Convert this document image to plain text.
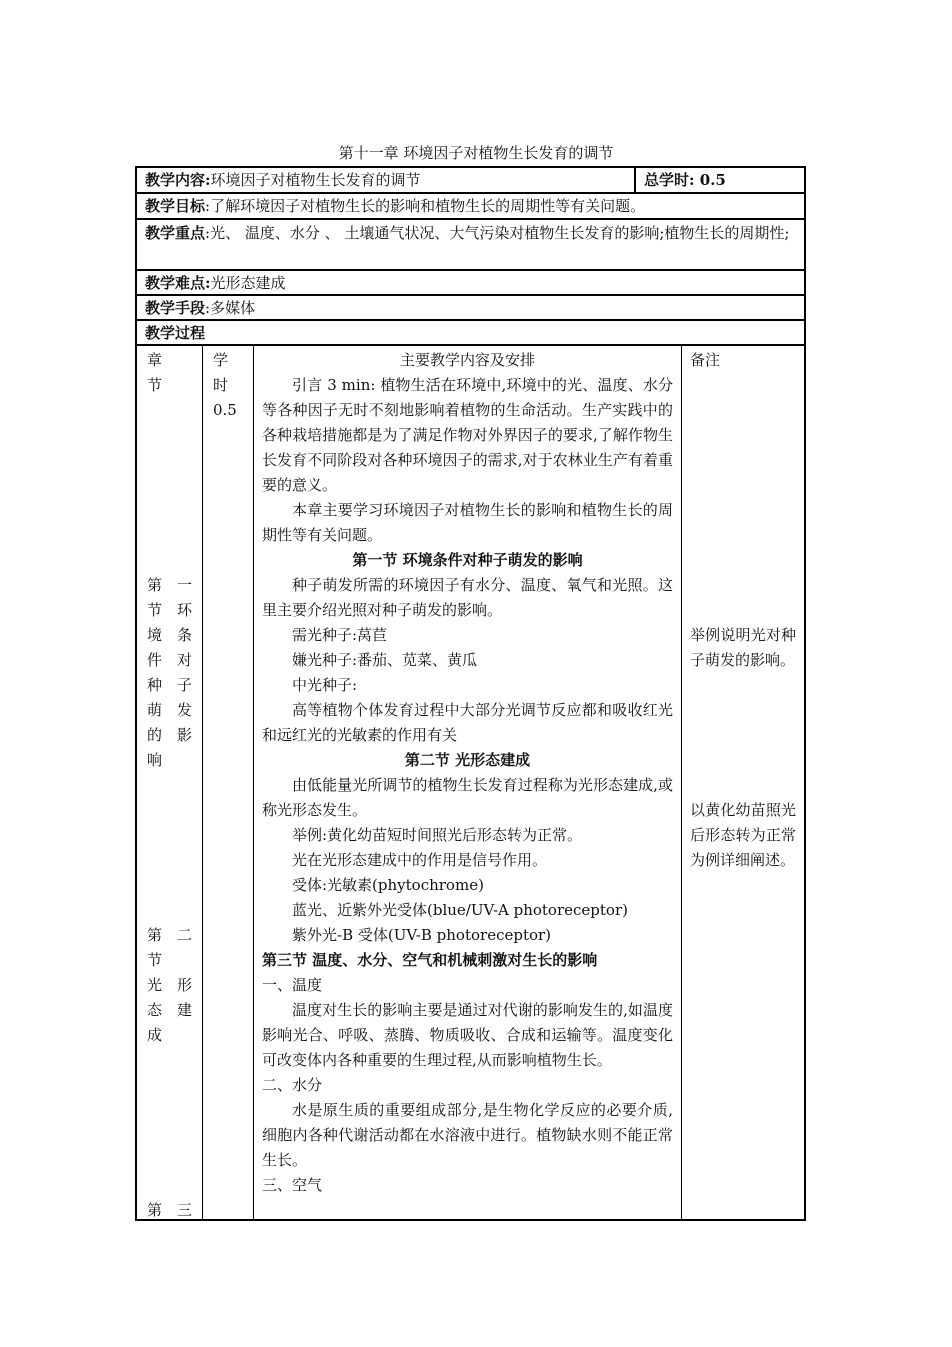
第十一章 环境因子对植物生长发育的调节
教学内容:环境因子对植物生长发育的调节	总学时: 0.5
教学目标:了解环境因子对植物生长的影响和植物生长的周期性等有关问题。
教学重点:光、 温度、水分 、 土壤通气状况、大气污染对植物生长发育的影响;植物生长的周期性;
教学难点:光形态建成
教学手段:多媒体
教学过程
章
节
第 一
节 环
境 条
件 对
种 子
萌 发
的 影
响
第 二
节
光 形
态 建
成
第 三
学
时
0.5

主要教学内容及安排

引言 3 min: 植物生活在环境中,环境中的光、温度、水分等各种因子无时不刻地影响着植物的生命活动。生产实践中的各种栽培措施都是为了满足作物对外界因子的要求,了解作物生长发育不同阶段对各种环境因子的需求,对于农林业生产有着重要的意义。

本章主要学习环境因子对植物生长的影响和植物生长的周期性等有关问题。

第一节 环境条件对种子萌发的影响

种子萌发所需的环境因子有水分、温度、氧气和光照。这里主要介绍光照对种子萌发的影响。

需光种子:莴苣

嫌光种子:番茄、苋菜、黄瓜

中光种子:

高等植物个体发育过程中大部分光调节反应都和吸收红光和远红光的光敏素的作用有关

第二节 光形态建成

由低能量光所调节的植物生长发育过程称为光形态建成,或称光形态发生。

举例:黄化幼苗短时间照光后形态转为正常。

光在光形态建成中的作用是信号作用。

受体:光敏素(phytochrome)

蓝光、近紫外光受体(blue/UV-A photoreceptor)

紫外光-B 受体(UV-B photoreceptor)

第三节 温度、水分、空气和机械刺激对生长的影响

一、温度

温度对生长的影响主要是通过对代谢的影响发生的,如温度影响光合、呼吸、蒸腾、物质吸收、合成和运输等。温度变化可改变体内各种重要的生理过程,从而影响植物生长。

二、水分

水是原生质的重要组成部分,是生物化学反应的必要介质,细胞内各种代谢活动都在水溶液中进行。植物缺水则不能正常生长。

三、空气

备注
举例说明光对种子萌发的影响。
以黄化幼苗照光后形态转为正常为例详细阐述。
